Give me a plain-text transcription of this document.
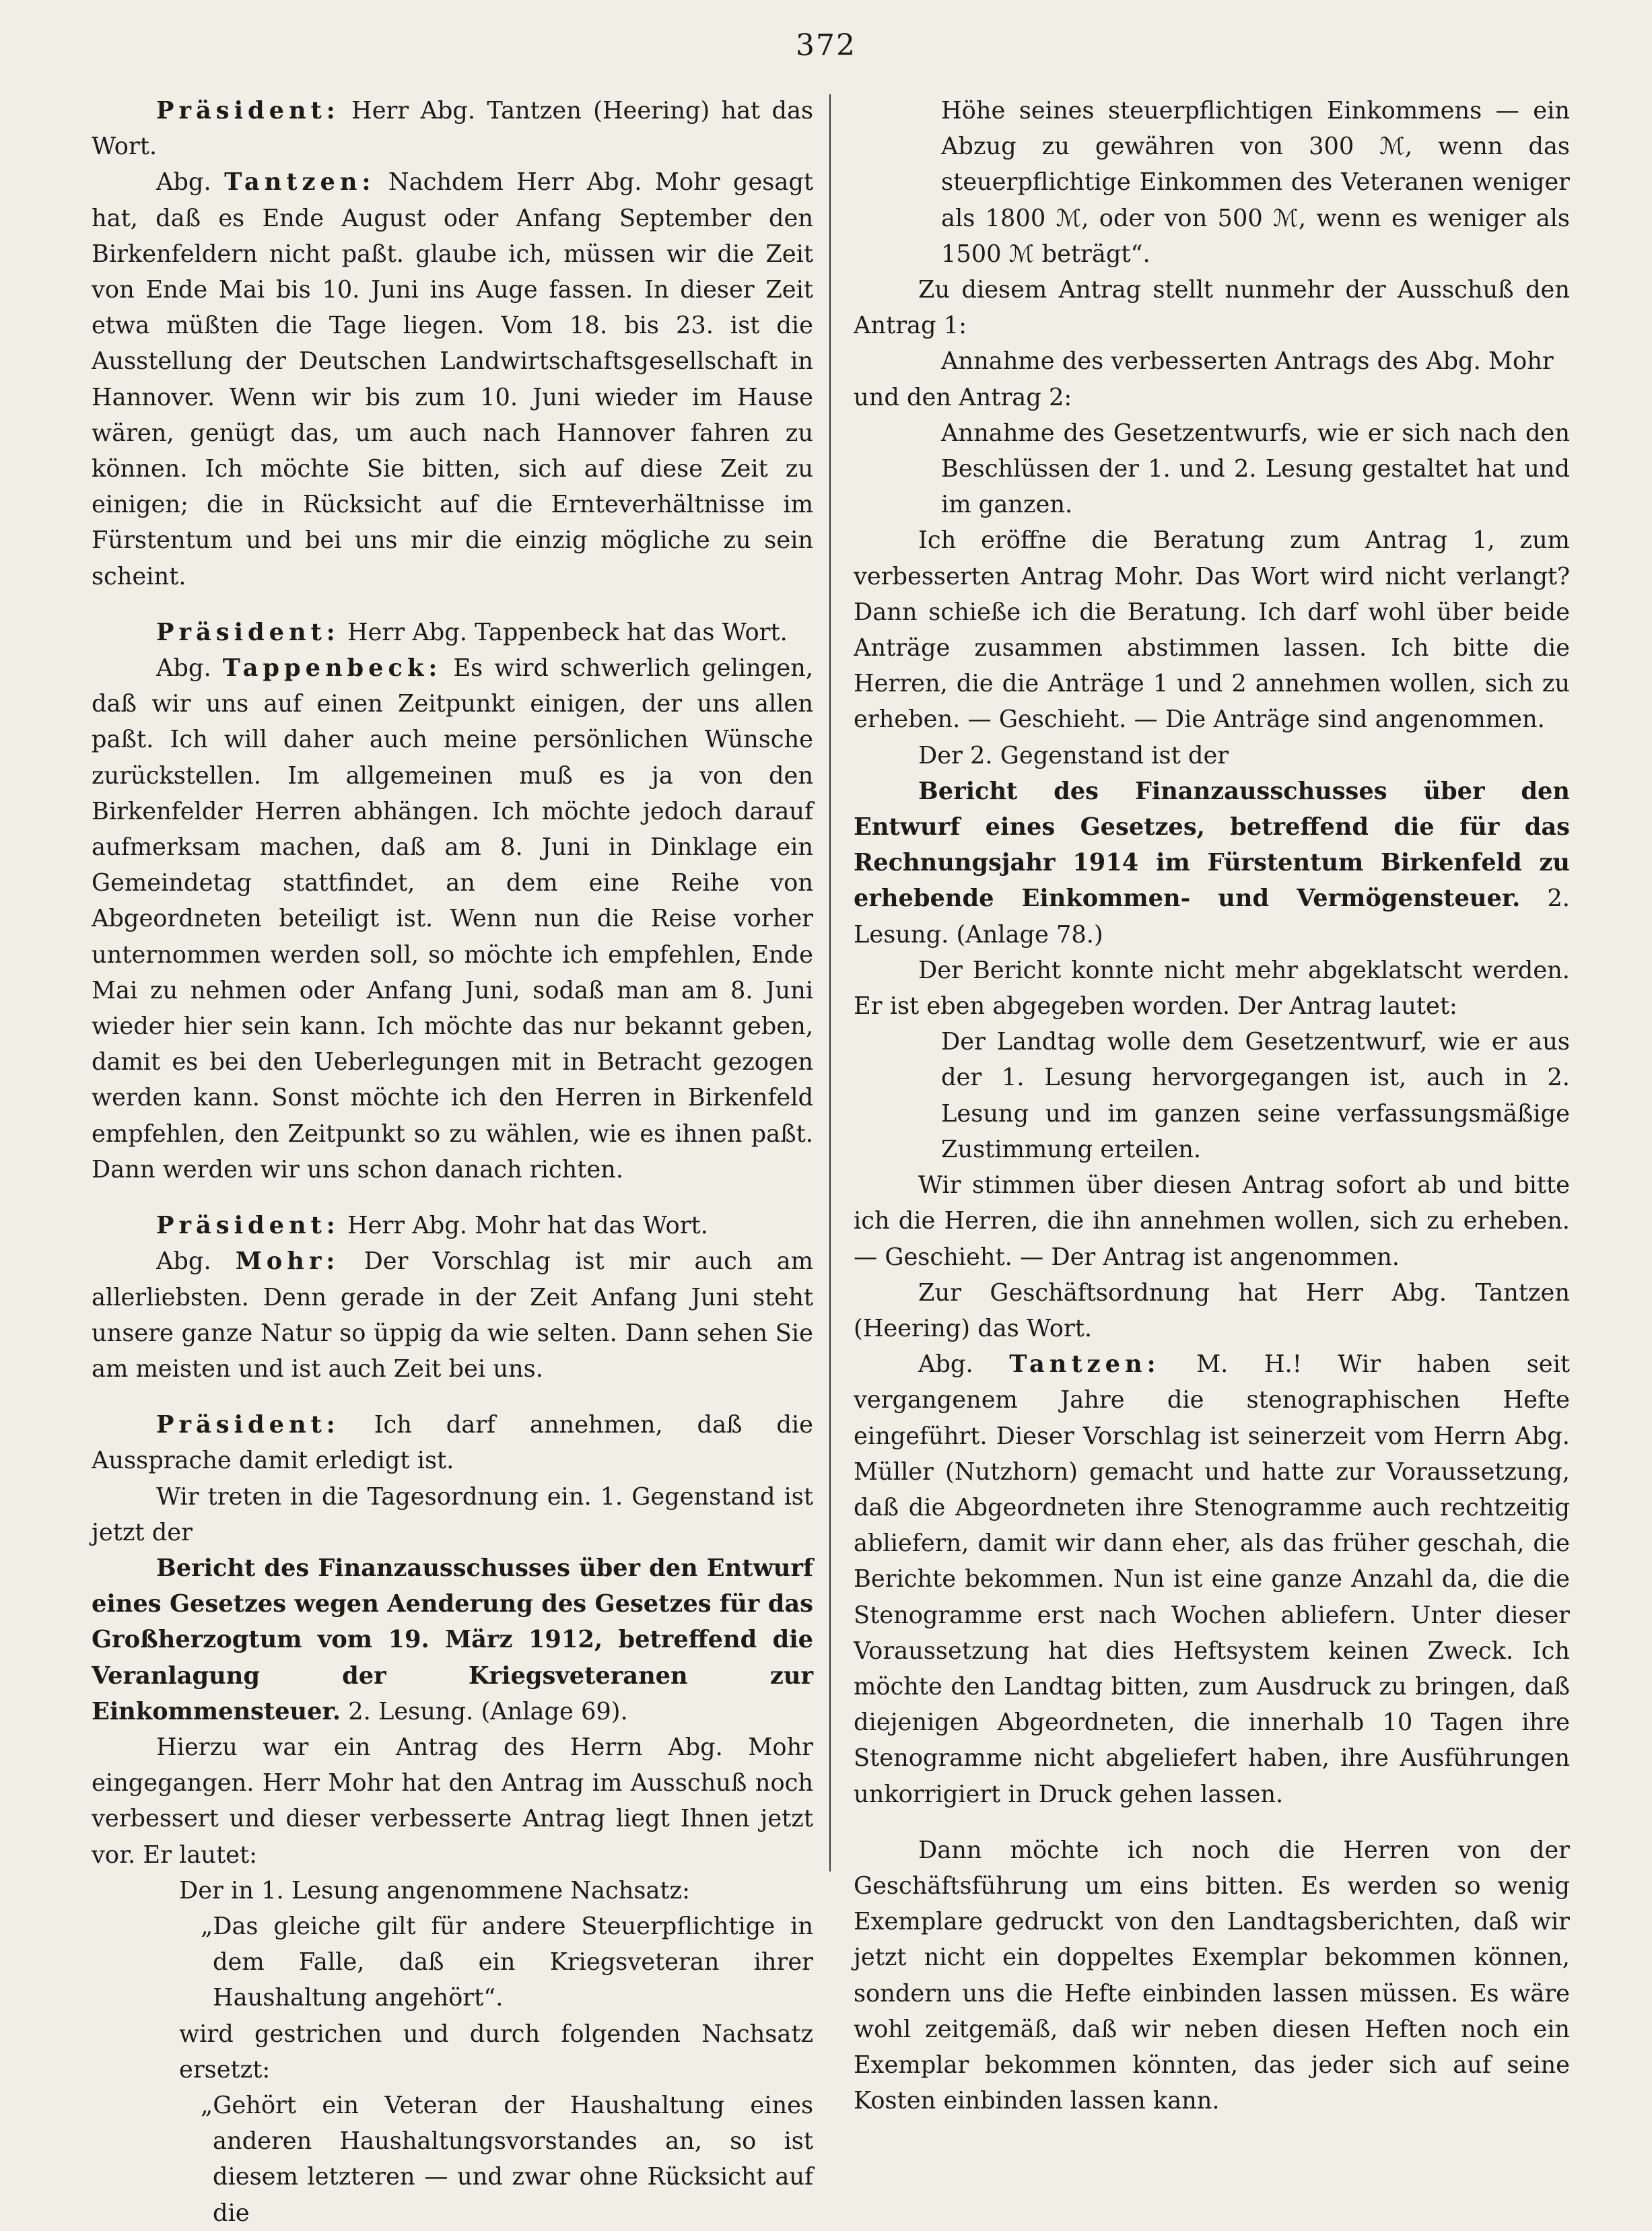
372

Präsident: Herr Abg. Tantzen (Heering) hat das Wort.

Abg. Tantzen: Nachdem Herr Abg. Mohr gesagt hat, daß es Ende August oder Anfang September den Birkenfeldern nicht paßt. glaube ich, müssen wir die Zeit von Ende Mai bis 10. Juni ins Auge fassen. In dieser Zeit etwa müßten die Tage liegen. Vom 18. bis 23. ist die Ausstellung der Deutschen Landwirtschaftsgesellschaft in Hannover. Wenn wir bis zum 10. Juni wieder im Hause wären, genügt das, um auch nach Hannover fahren zu können. Ich möchte Sie bitten, sich auf diese Zeit zu einigen; die in Rücksicht auf die Ernteverhältnisse im Fürstentum und bei uns mir die einzig mögliche zu sein scheint.

Präsident: Herr Abg. Tappenbeck hat das Wort.

Abg. Tappenbeck: Es wird schwerlich gelingen, daß wir uns auf einen Zeitpunkt einigen, der uns allen paßt. Ich will daher auch meine persönlichen Wünsche zurückstellen. Im allgemeinen muß es ja von den Birkenfelder Herren abhängen. Ich möchte jedoch darauf aufmerksam machen, daß am 8. Juni in Dinklage ein Gemeindetag stattfindet, an dem eine Reihe von Abgeordneten beteiligt ist. Wenn nun die Reise vorher unternommen werden soll, so möchte ich empfehlen, Ende Mai zu nehmen oder Anfang Juni, sodaß man am 8. Juni wieder hier sein kann. Ich möchte das nur bekannt geben, damit es bei den Ueberlegungen mit in Betracht gezogen werden kann. Sonst möchte ich den Herren in Birkenfeld empfehlen, den Zeitpunkt so zu wählen, wie es ihnen paßt. Dann werden wir uns schon danach richten.

Präsident: Herr Abg. Mohr hat das Wort.

Abg. Mohr: Der Vorschlag ist mir auch am allerliebsten. Denn gerade in der Zeit Anfang Juni steht unsere ganze Natur so üppig da wie selten. Dann sehen Sie am meisten und ist auch Zeit bei uns.

Präsident: Ich darf annehmen, daß die Aussprache damit erledigt ist.

Wir treten in die Tagesordnung ein. 1. Gegenstand ist jetzt der

Bericht des Finanzausschusses über den Entwurf eines Gesetzes wegen Aenderung des Gesetzes für das Großherzogtum vom 19. März 1912, betreffend die Veranlagung der Kriegsveteranen zur Einkommensteuer. 2. Lesung. (Anlage 69).

Hierzu war ein Antrag des Herrn Abg. Mohr eingegangen. Herr Mohr hat den Antrag im Ausschuß noch verbessert und dieser verbesserte Antrag liegt Ihnen jetzt vor. Er lautet:

Der in 1. Lesung angenommene Nachsatz:

„Das gleiche gilt für andere Steuerpflichtige in dem Falle, daß ein Kriegsveteran ihrer Haushaltung angehört“.

wird gestrichen und durch folgenden Nachsatz ersetzt:

„Gehört ein Veteran der Haushaltung eines anderen Haushaltungsvorstandes an, so ist diesem letzteren — und zwar ohne Rücksicht auf die

Höhe seines steuerpflichtigen Einkommens — ein Abzug zu gewähren von 300 ℳ, wenn das steuerpflichtige Einkommen des Veteranen weniger als 1800 ℳ, oder von 500 ℳ, wenn es weniger als 1500 ℳ beträgt“.

Zu diesem Antrag stellt nunmehr der Ausschuß den Antrag 1:

Annahme des verbesserten Antrags des Abg. Mohr

und den Antrag 2:

Annahme des Gesetzentwurfs, wie er sich nach den Beschlüssen der 1. und 2. Lesung gestaltet hat und im ganzen.

Ich eröffne die Beratung zum Antrag 1, zum verbesserten Antrag Mohr. Das Wort wird nicht verlangt? Dann schieße ich die Beratung. Ich darf wohl über beide Anträge zusammen abstimmen lassen. Ich bitte die Herren, die die Anträge 1 und 2 annehmen wollen, sich zu erheben. — Geschieht. — Die Anträge sind angenommen.

Der 2. Gegenstand ist der

Bericht des Finanzausschusses über den Entwurf eines Gesetzes, betreffend die für das Rechnungsjahr 1914 im Fürstentum Birkenfeld zu erhebende Einkommen- und Vermögensteuer. 2. Lesung. (Anlage 78.)

Der Bericht konnte nicht mehr abgeklatscht werden. Er ist eben abgegeben worden. Der Antrag lautet:

Der Landtag wolle dem Gesetzentwurf, wie er aus der 1. Lesung hervorgegangen ist, auch in 2. Lesung und im ganzen seine verfassungsmäßige Zustimmung erteilen.

Wir stimmen über diesen Antrag sofort ab und bitte ich die Herren, die ihn annehmen wollen, sich zu erheben. — Geschieht. — Der Antrag ist angenommen.

Zur Geschäftsordnung hat Herr Abg. Tantzen (Heering) das Wort.

Abg. Tantzen: M. H.! Wir haben seit vergangenem Jahre die stenographischen Hefte eingeführt. Dieser Vorschlag ist seinerzeit vom Herrn Abg. Müller (Nutzhorn) gemacht und hatte zur Voraussetzung, daß die Abgeordneten ihre Stenogramme auch rechtzeitig abliefern, damit wir dann eher, als das früher geschah, die Berichte bekommen. Nun ist eine ganze Anzahl da, die die Stenogramme erst nach Wochen abliefern. Unter dieser Voraussetzung hat dies Heftsystem keinen Zweck. Ich möchte den Landtag bitten, zum Ausdruck zu bringen, daß diejenigen Abgeordneten, die innerhalb 10 Tagen ihre Stenogramme nicht abgeliefert haben, ihre Ausführungen unkorrigiert in Druck gehen lassen.

Dann möchte ich noch die Herren von der Geschäftsführung um eins bitten. Es werden so wenig Exemplare gedruckt von den Landtagsberichten, daß wir jetzt nicht ein doppeltes Exemplar bekommen können, sondern uns die Hefte einbinden lassen müssen. Es wäre wohl zeitgemäß, daß wir neben diesen Heften noch ein Exemplar bekommen könnten, das jeder sich auf seine Kosten einbinden lassen kann.
